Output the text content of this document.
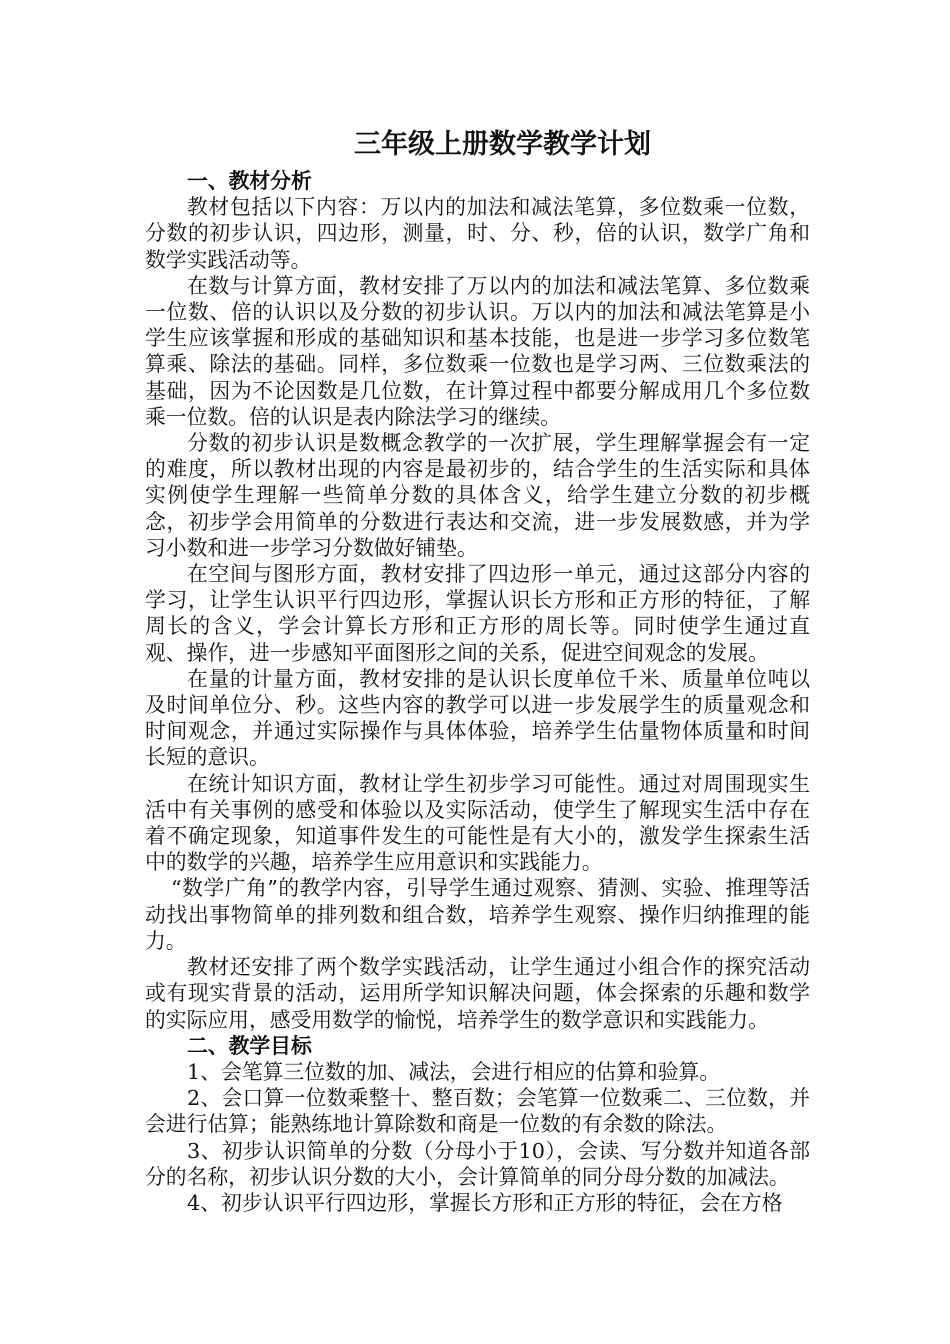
三年级上册数学教学计划
一、教材分析

教材包括以下内容：万以内的加法和减法笔算，多位数乘一位数，分数的初步认识，四边形，测量，时、分、秒，倍的认识，数学广角和数学实践活动等。

在数与计算方面，教材安排了万以内的加法和减法笔算、多位数乘一位数、倍的认识以及分数的初步认识。万以内的加法和减法笔算是小学生应该掌握和形成的基础知识和基本技能，也是进一步学习多位数笔算乘、除法的基础。同样，多位数乘一位数也是学习两、三位数乘法的基础，因为不论因数是几位数，在计算过程中都要分解成用几个多位数乘一位数。倍的认识是表内除法学习的继续。

分数的初步认识是数概念教学的一次扩展，学生理解掌握会有一定的难度，所以教材出现的内容是最初步的，结合学生的生活实际和具体实例使学生理解一些简单分数的具体含义，给学生建立分数的初步概念，初步学会用简单的分数进行表达和交流，进一步发展数感，并为学习小数和进一步学习分数做好铺垫。

在空间与图形方面，教材安排了四边形一单元，通过这部分内容的学习，让学生认识平行四边形，掌握认识长方形和正方形的特征，了解周长的含义，学会计算长方形和正方形的周长等。同时使学生通过直观、操作，进一步感知平面图形之间的关系，促进空间观念的发展。

在量的计量方面，教材安排的是认识长度单位千米、质量单位吨以及时间单位分、秒。这些内容的教学可以进一步发展学生的质量观念和时间观念，并通过实际操作与具体体验，培养学生估量物体质量和时间长短的意识。

在统计知识方面，教材让学生初步学习可能性。通过对周围现实生活中有关事例的感受和体验以及实际活动，使学生了解现实生活中存在着不确定现象，知道事件发生的可能性是有大小的，激发学生探索生活中的数学的兴趣，培养学生应用意识和实践能力。

“数学广角”的教学内容，引导学生通过观察、猜测、实验、推理等活动找出事物简单的排列数和组合数，培养学生观察、操作归纳推理的能力。

教材还安排了两个数学实践活动，让学生通过小组合作的探究活动或有现实背景的活动，运用所学知识解决问题，体会探索的乐趣和数学的实际应用，感受用数学的愉悦，培养学生的数学意识和实践能力。

二、教学目标

1、会笔算三位数的加、减法，会进行相应的估算和验算。

2、会口算一位数乘整十、整百数；会笔算一位数乘二、三位数，并会进行估算；能熟练地计算除数和商是一位数的有余数的除法。

3、初步认识简单的分数（分母小于10），会读、写分数并知道各部分的名称，初步认识分数的大小，会计算简单的同分母分数的加减法。

4、初步认识平行四边形，掌握长方形和正方形的特征，会在方格
